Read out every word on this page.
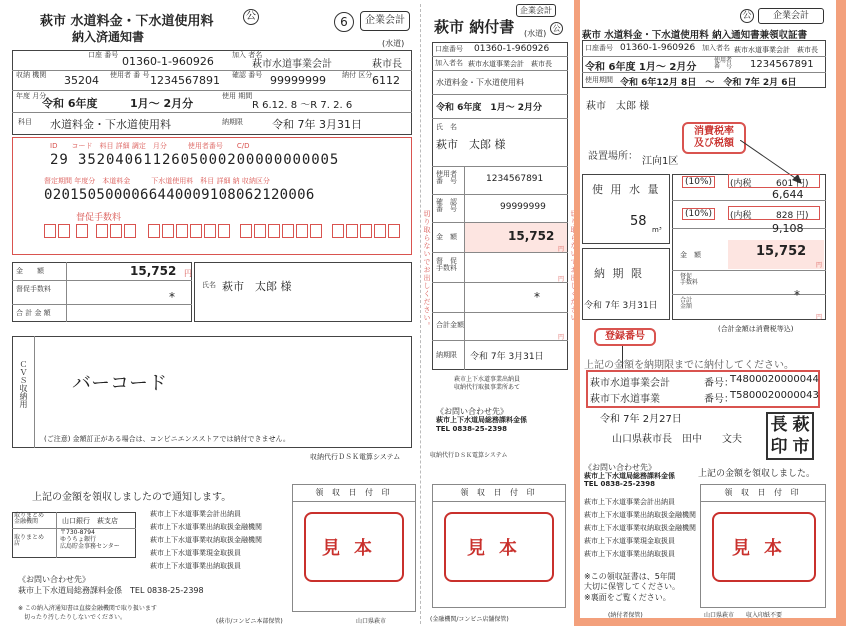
萩市 水道料金・下水道使用料	公
納入済通知書
6	企業会計
(水道)
口座 番号 01360-1-960926	加入 者名
萩市水道事業会計	萩市長
収納 機関 35204 使用者 番 号 1234567891 確認 番号 99999999 納付 区分 6112
年度 月分
令和 6年度	1月〜 2月分
使用 期間
R 6.12. 8 〜R 7. 2. 6
科目 水道料金・下水道使用料	納期限	令和 7年 3月31日
ID　　コード　料目 詳細 調定　月分　　　使用者番号　　C/D
29 3520406112605000200000000005
督定期間 年度分　本道料金　　　下水道使用料　科目 詳細 納 収納区分
0201505000066440009108062120006
督促手数料
金　　額	15,752 円
督促手数料
*
合 計 金 額
氏名 萩市　太郎 様
ＣＶＳ収納用 バーコード
(ご注意) 金額訂正がある場合は、コンビニエンスストアでは納付できません。
収納代行ＤＳＫ電算システム
上記の金額を領収しましたので通知します。
取りまとめ
金融機関	山口銀行　萩支店
取りまとめ
店
〒730-8794
ゆうちょ銀行
広島貯金事務センター
萩市上下水道事業会計出納員
萩市上下水道事業出納取扱金融機関
萩市上下水道事業収納取扱金融機関
萩市上下水道事業現金取扱員
萩市上下水道事業出納取扱員
《お問い合わせ先》
萩市上下水道局総務課料金係　TEL 0838-25-2398
※ この納入済通知書は直接金融機関で取り扱います
　切ったり汚したりしないでください。
(萩市/コンビニ本部保管)	山口県萩市
領 収 日 付 印
見本
萩市 納付書
企業会計
(水道)
公
口座番号 01360-1-960926
加入者名 萩市水道事業会計　萩市長
水道料金・下水道使用料
令和 6年度　1月〜 2月分
氏　名
萩市　太郎 様
使用者
番　号	1234567891
確　認
番　号	99999999
金　額	15,752
円
督　促
手数料
円
*
合計金額
円
納期限 令和 7年 3月31日
切り取らないでお出しください。
萩市上下水道事業出納員
収納代行取扱事業所あて
《お問い合わせ先》
萩市上下水道局総務課料金係
TEL 0838-25-2398
収納代行ＤＳＫ電算システム
領 収 日 付 印
見本
(金融機関/コンビニ店舗保管)
萩市 水道料金・下水道使用料 納入通知書兼領収証書
公	企業会計
口座番号 01360-1-960926 加入者名 萩市水道事業会計　萩市長
令和 6年度 1月〜 2月分
使用者
番　号 1234567891
使用期間 令和 6年12月 8日　〜　令和 7年 2月 6日
萩市　太郎 様
消費税率
及び税額
設置場所： 江向1区
使 用 水 量
58
m³
納 期 限
令和 7年 3月31日
(10%)	(内税	601 円)
6,644
(10%)	(内税	828 円)
9,108
金　額	15,752
円
督促
手数料
*
合計
金額
円
(合計金額は消費税等込)
登録番号
上記の金額を納期限までに納付してください。
萩市水道事業会計	番号：
T4800020000044
萩市下水道事業	番号：
T5800020000043
令和 7年 2月27日
山口県萩市長　田中　　文夫
長 萩
印 市
《お問い合わせ先》
萩市上下水道局総務課料金係
TEL 0838-25-2398
上記の金額を領収しました。
萩市上下水道事業会計出納員
萩市上下水道事業出納取扱金融機関
萩市上下水道事業収納取扱金融機関
萩市上下水道事業現金取扱員
萩市上下水道事業出納取扱員
※この領収証書は、5年間
大切に保管してください。
※裏面をご覧ください。
領 収 日 付 印
見本
(納付者保管)	山口県萩市　　収入印紙不要
